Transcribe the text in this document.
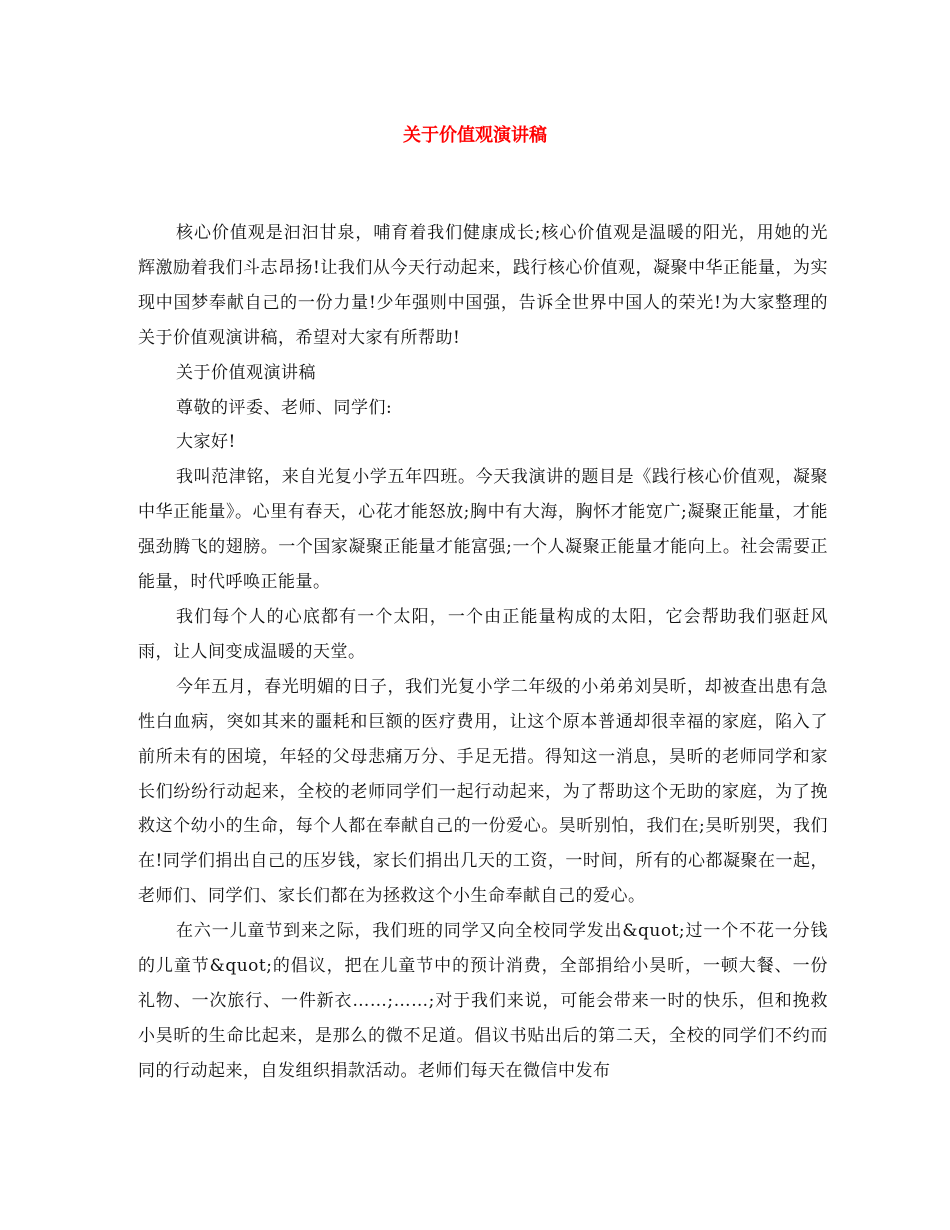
关于价值观演讲稿

核心价值观是汩汩甘泉，哺育着我们健康成长;核心价值观是温暖的阳光，用她的光辉激励着我们斗志昂扬!让我们从今天行动起来，践行核心价值观，凝聚中华正能量，为实现中国梦奉献自己的一份力量!少年强则中国强，告诉全世界中国人的荣光!为大家整理的关于价值观演讲稿，希望对大家有所帮助!

关于价值观演讲稿

尊敬的评委、老师、同学们:

大家好!

我叫范津铭，来自光复小学五年四班。今天我演讲的题目是《践行核心价值观，凝聚中华正能量》。心里有春天，心花才能怒放;胸中有大海，胸怀才能宽广;凝聚正能量，才能强劲腾飞的翅膀。一个国家凝聚正能量才能富强;一个人凝聚正能量才能向上。社会需要正能量，时代呼唤正能量。

我们每个人的心底都有一个太阳，一个由正能量构成的太阳，它会帮助我们驱赶风雨，让人间变成温暖的天堂。

今年五月，春光明媚的日子，我们光复小学二年级的小弟弟刘昊昕，却被查出患有急性白血病，突如其来的噩耗和巨额的医疗费用，让这个原本普通却很幸福的家庭，陷入了前所未有的困境，年轻的父母悲痛万分、手足无措。得知这一消息，昊昕的老师同学和家长们纷纷行动起来，全校的老师同学们一起行动起来，为了帮助这个无助的家庭，为了挽救这个幼小的生命，每个人都在奉献自己的一份爱心。昊昕别怕，我们在;昊昕别哭，我们在!同学们捐出自己的压岁钱，家长们捐出几天的工资，一时间，所有的心都凝聚在一起，老师们、同学们、家长们都在为拯救这个小生命奉献自己的爱心。

在六一儿童节到来之际，我们班的同学又向全校同学发出&quot;过一个不花一分钱的儿童节&quot;的倡议，把在儿童节中的预计消费，全部捐给小昊昕，一顿大餐、一份礼物、一次旅行、一件新衣……;……;对于我们来说，可能会带来一时的快乐，但和挽救小昊昕的生命比起来，是那么的微不足道。倡议书贴出后的第二天，全校的同学们不约而同的行动起来，自发组织捐款活动。老师们每天在微信中发布
